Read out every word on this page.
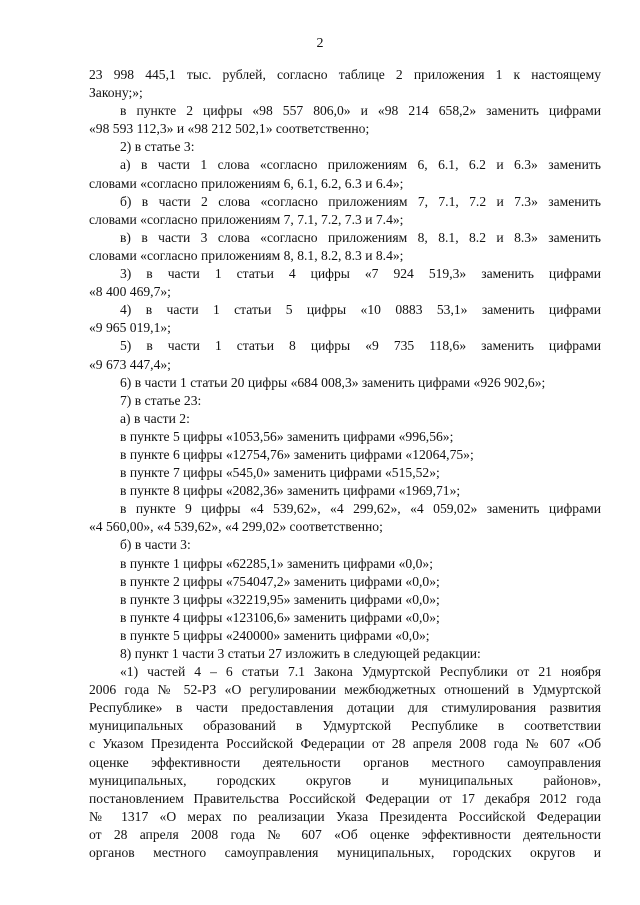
2
23 998 445,1 тыс. рублей, согласно таблице 2 приложения 1 к настоящему
Закону;»;
в пункте 2 цифры «98 557 806,0» и «98 214 658,2» заменить цифрами
«98 593 112,3» и «98 212 502,1» соответственно;
2) в статье 3:
а) в части 1 слова «согласно приложениям 6, 6.1, 6.2 и 6.3» заменить
словами «согласно приложениям 6, 6.1, 6.2, 6.3 и 6.4»;
б) в части 2 слова «согласно приложениям 7, 7.1, 7.2 и 7.3» заменить
словами «согласно приложениям 7, 7.1, 7.2, 7.3 и 7.4»;
в) в части 3 слова «согласно приложениям 8, 8.1, 8.2 и 8.3» заменить
словами «согласно приложениям 8, 8.1, 8.2, 8.3 и 8.4»;
3) в части 1 статьи 4 цифры «7 924 519,3» заменить цифрами
«8 400 469,7»;
4) в части 1 статьи 5 цифры «10 0883 53,1» заменить цифрами
«9 965 019,1»;
5) в части 1 статьи 8 цифры «9 735 118,6» заменить цифрами
«9 673 447,4»;
6) в части 1 статьи 20 цифры «684 008,3» заменить цифрами «926 902,6»;
7) в статье 23:
а) в части 2:
в пункте 5 цифры «1053,56» заменить цифрами «996,56»;
в пункте 6 цифры «12754,76» заменить цифрами «12064,75»;
в пункте 7 цифры «545,0» заменить цифрами «515,52»;
в пункте 8 цифры «2082,36» заменить цифрами «1969,71»;
в пункте 9 цифры «4 539,62», «4 299,62», «4 059,02» заменить цифрами
«4 560,00», «4 539,62», «4 299,02» соответственно;
б) в части 3:
в пункте 1 цифры «62285,1» заменить цифрами «0,0»;
в пункте 2 цифры «754047,2» заменить цифрами «0,0»;
в пункте 3 цифры «32219,95» заменить цифрами «0,0»;
в пункте 4 цифры «123106,6» заменить цифрами «0,0»;
в пункте 5 цифры «240000» заменить цифрами «0,0»;
8) пункт 1 части 3 статьи 27 изложить в следующей редакции:
«1) частей 4 – 6 статьи 7.1 Закона Удмуртской Республики от 21 ноября
2006 года № 52-РЗ «О регулировании межбюджетных отношений в Удмуртской
Республике» в части предоставления дотации для стимулирования развития
муниципальных образований в Удмуртской Республике в соответствии
с Указом Президента Российской Федерации от 28 апреля 2008 года № 607 «Об
оценке эффективности деятельности органов местного самоуправления
муниципальных, городских округов и муниципальных районов»,
постановлением Правительства Российской Федерации от 17 декабря 2012 года
№ 1317 «О мерах по реализации Указа Президента Российской Федерации
от 28 апреля 2008 года № 607 «Об оценке эффективности деятельности
органов местного самоуправления муниципальных, городских округов и
